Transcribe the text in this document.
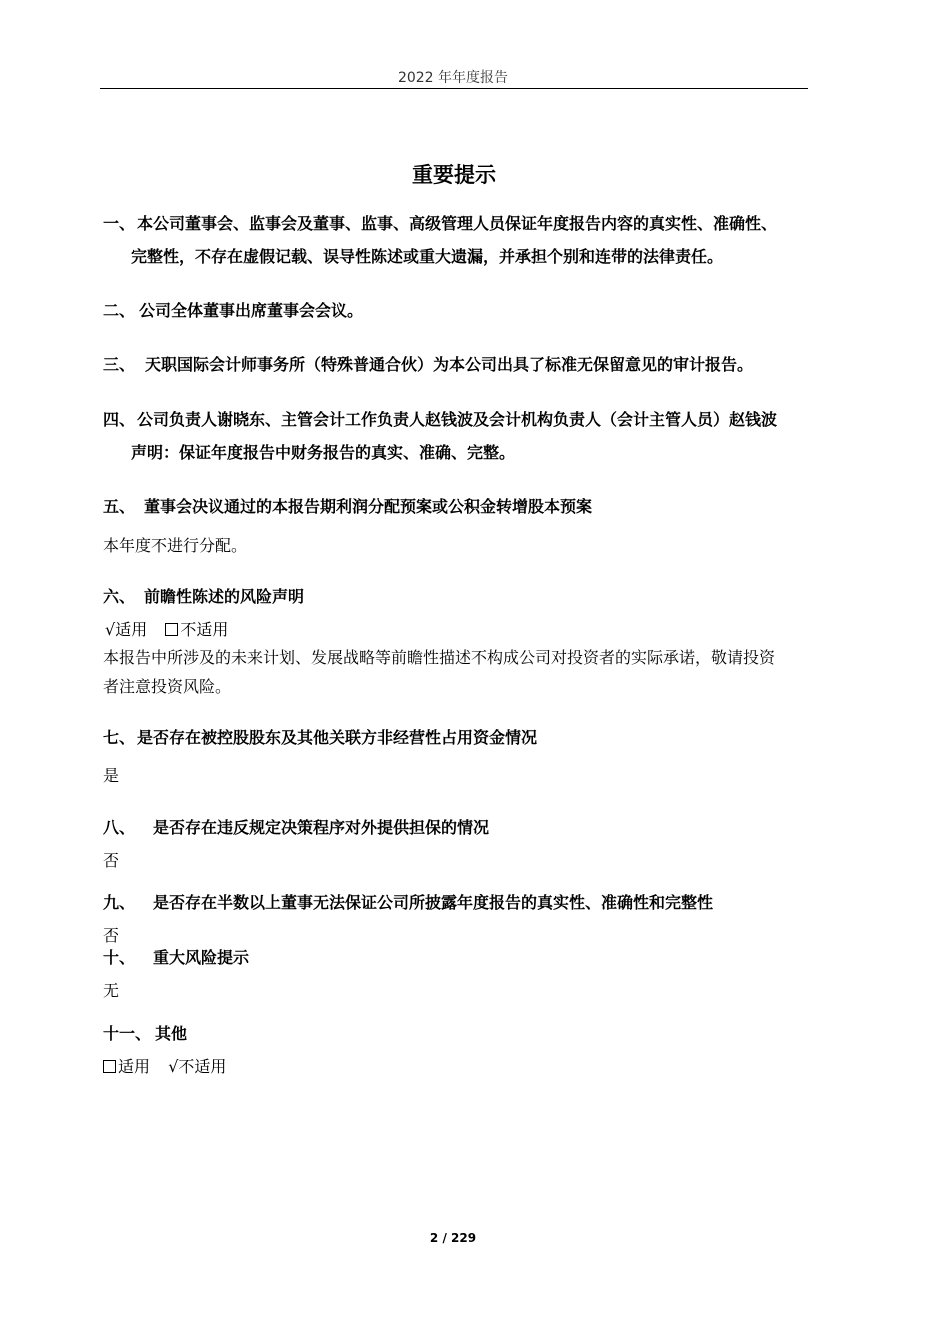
2022 年年度报告
重要提示
一、 本公司董事会、监事会及董事、监事、高级管理人员保证年度报告内容的真实性、准确性、
完整性，不存在虚假记载、误导性陈述或重大遗漏，并承担个别和连带的法律责任。
二、 公司全体董事出席董事会会议。
三、 天职国际会计师事务所（特殊普通合伙）为本公司出具了标准无保留意见的审计报告。
四、 公司负责人谢晓东、主管会计工作负责人赵钱波及会计机构负责人（会计主管人员）赵钱波
声明：保证年度报告中财务报告的真实、准确、完整。
五、 董事会决议通过的本报告期利润分配预案或公积金转增股本预案
本年度不进行分配。
六、 前瞻性陈述的风险声明
√适用 不适用
本报告中所涉及的未来计划、发展战略等前瞻性描述不构成公司对投资者的实际承诺，敬请投资
者注意投资风险。
七、 是否存在被控股股东及其他关联方非经营性占用资金情况
是
八、 是否存在违反规定决策程序对外提供担保的情况
否
九、 是否存在半数以上董事无法保证公司所披露年度报告的真实性、准确性和完整性
否
十、 重大风险提示
无
十一、 其他
适用 √不适用
2 / 229
